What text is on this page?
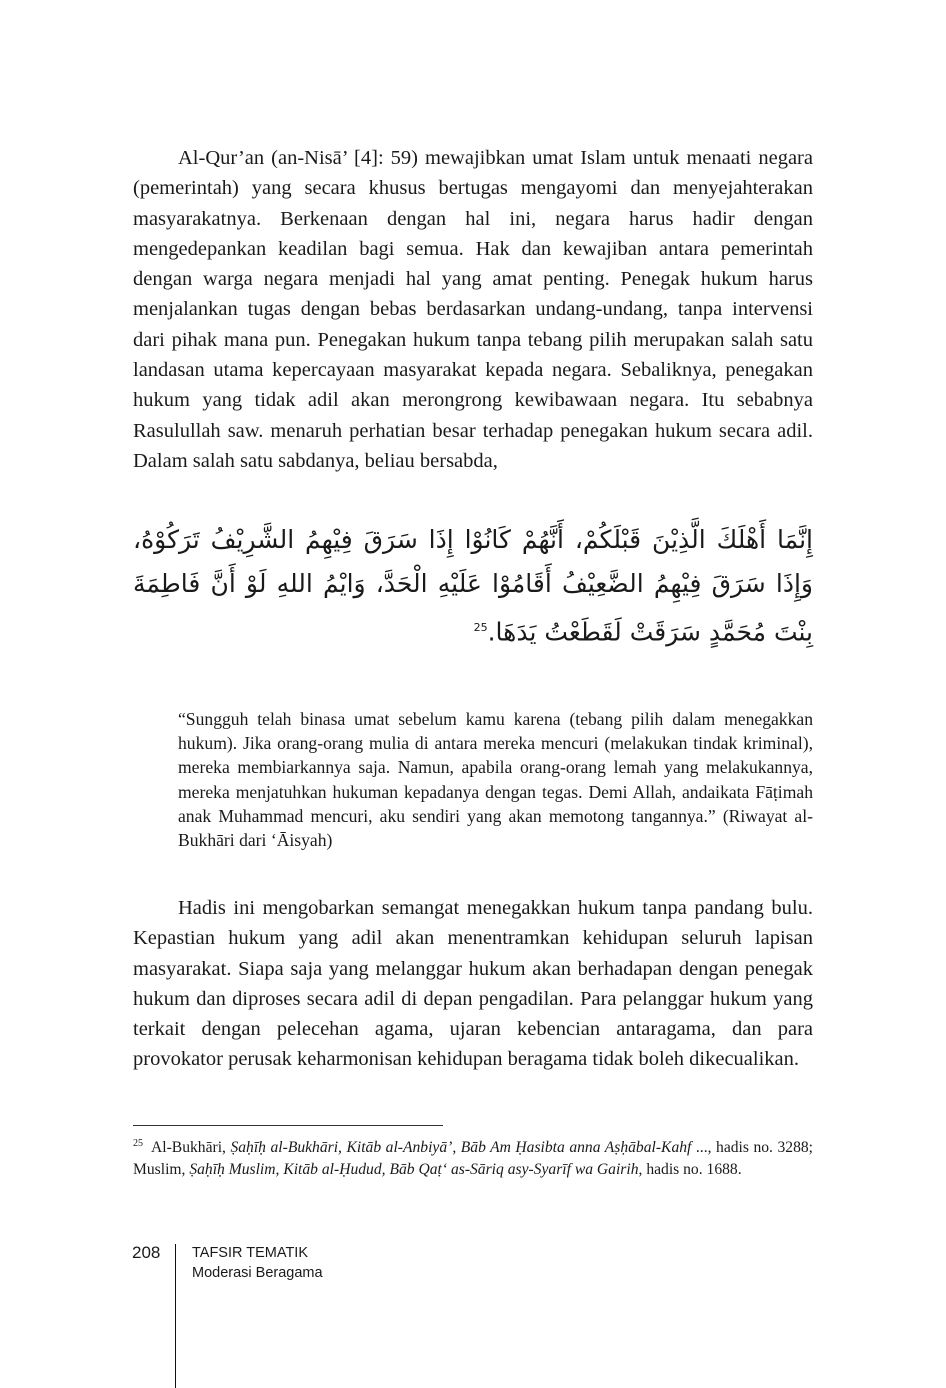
Al-Qur’an (an-Nisā’ [4]: 59) mewajibkan umat Islam untuk menaati negara (pemerintah) yang secara khusus bertugas mengayomi dan menyejahterakan masyarakatnya. Berkenaan dengan hal ini, negara harus hadir dengan mengedepankan keadilan bagi semua. Hak dan kewajiban antara pemerintah dengan warga negara menjadi hal yang amat penting. Penegak hukum harus menjalankan tugas dengan bebas berdasarkan undang-undang, tanpa intervensi dari pihak mana pun. Penegakan hukum tanpa tebang pilih merupakan salah satu landasan utama kepercayaan masyarakat kepada negara. Sebaliknya, penegakan hukum yang tidak adil akan merongrong kewibawaan negara. Itu sebabnya Rasulullah saw. menaruh perhatian besar terhadap penegakan hukum secara adil. Dalam salah satu sabdanya, beliau bersabda,

إِنَّمَا أَهْلَكَ الَّذِيْنَ قَبْلَكُمْ، أَنَّهُمْ كَانُوْا إِذَا سَرَقَ فِيْهِمُ الشَّرِيْفُ تَرَكُوْهُ، وَإِذَا سَرَقَ فِيْهِمُ الضَّعِيْفُ أَقَامُوْا عَلَيْهِ الْحَدَّ، وَايْمُ اللهِ لَوْ أَنَّ فَاطِمَةَ بِنْتَ مُحَمَّدٍ سَرَقَتْ لَقَطَعْتُ يَدَهَا.$^{25}$

“Sungguh telah binasa umat sebelum kamu karena (tebang pilih dalam menegakkan hukum). Jika orang-orang mulia di antara mereka mencuri (melakukan tindak kriminal), mereka membiarkannya saja. Namun, apabila orang-orang lemah yang melakukannya, mereka menjatuhkan hukuman kepadanya dengan tegas. Demi Allah, andaikata Fāṭimah anak Muhammad mencuri, aku sendiri yang akan memotong tangannya.” (Riwayat al-Bukhāri dari ‘Āisyah)

Hadis ini mengobarkan semangat menegakkan hukum tanpa pandang bulu. Kepastian hukum yang adil akan menentramkan kehidupan seluruh lapisan masyarakat. Siapa saja yang melanggar hukum akan berhadapan dengan penegak hukum dan diproses secara adil di depan pengadilan. Para pelanggar hukum yang terkait dengan pelecehan agama, ujaran kebencian antaragama, dan para provokator perusak keharmonisan kehidupan beragama tidak boleh dikecualikan.

$^{25}$ Al-Bukhāri, Ṣaḥīḥ al-Bukhāri, Kitāb al-Anbiyā’, Bāb Am Ḥasibta anna Aṣḥābal-Kahf ..., hadis no. 3288; Muslim, Ṣaḥīḥ Muslim, Kitāb al-Ḥudud, Bāb Qaṭ‘ as-Sāriq asy-Syarīf wa Gairih, hadis no. 1688.

208 TAFSIR TEMATIK
Moderasi Beragama
